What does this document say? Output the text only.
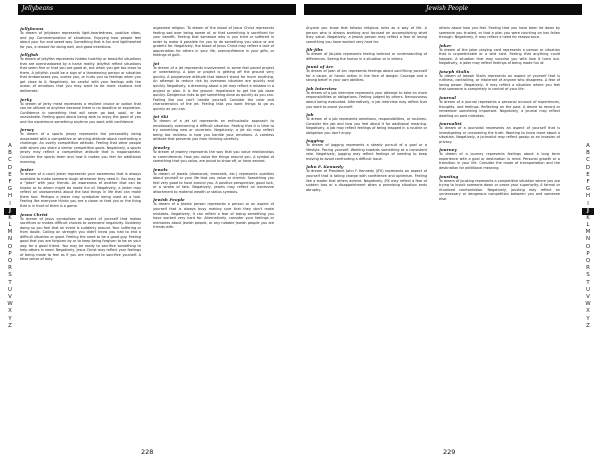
Jellybeans
A
B
C
D
E
F
G
H
I
J
K
L
M
N
O
P
Q
R
S
T
U
V
W
X
Y
Z
Jellybeans
To dream of jellybean represents light-heartedness, positive vibes, and joy. Commemoration of situations. Enjoying how people feel about your fun and sweet way. Something that is fun and lighthearted for you, a reward for doing well, and good intentions.
Jellyfish
To dream of jellyfish represents hidden hostility or beautiful situations that are overshadowed by a harsh reality. Jellyfish reflect situations that seem fine or that you are good at, but when you get too close to them, A jellyfish could be a sign of a threatening person or situation that embarrasses you, scares you, or hurts you so feelings when you get close to it. Negatively, be careful with your feelings with the ocean of emotions that you may want to be more cautious and deliberate.
Jerky
To dream of jerky meat represents a resilient choice or option that can be utilized at anytime because there is no deadline or expiration. Confidence in something that will never go bad, spoil, or be unavailable. Feeling good about being able to enjoy the good of you and the experience something anytime you want with confidence.
Jersey
To dream of a sports jersey represents the personality being associated with a competitive or winning attitude about confronting a challenge. An overly competitive attitude. Feeling that other people with whom you share a similar competitive goals. Negatively, a sports jersey may reflect a competitive attitude that is inappropriate. Consider the sports team and how it makes you feel for additional meaning.
Jester
To dream of a court jester represents your awareness that is always available to make someone laugh whenever they need it. You may be a "joker" with your friends. An awareness of another that can be known or to whom might be made fun of. Negatively, a jester may reflect an unawareness about the bad things in life that can make them fool. Perhaps a jester may symbolize being used as a tool. Feeling like everyone thinks you are a clown or that you or the thing that is in front of them is a game.
Jesus Christ
To dream of Jesus symbolizes an aspect of yourself that makes sacrifices or makes difficult choices to overcome negativity. Suddenly doing so you feel that an event is suddenly around. Your suffering or from doubt. Calling on strength you didn't know you had to end a difficult situation or good. Feeling the need to be a good guy. Feeling good that you are forgiven by or to keep being forgiven to be on your way for a good friend. You may be ready to sacrifice something to help others in need. Negatively, Jesus Christ may reflect your feelings of being made to feel as if you are required to sacrifice yourself. A false sense of duty.
organized religion. To dream of the blood of Jesus Christ represents feeling sad over being aware of, or that something is sacrificed for your benefit. Feeling that someone who is you tried or suffered in order to make it possible for you to do something you value or are grateful for. Negatively, the blood of Jesus Christ may reflect a lack of appreciation for others in your life, overconfidence in your gifts, or feelings of guilt.
Jet
To dream of a jet represents involvement in some fast paced project or undertaking. A plan or project is getting off the ground very quickly. A progressive attitude that doesn't stand for much anything. An attempt to reduce risk by overseas situation are quickly and quickly. Negatively, a dreaming about a jet may reflect a mistake in a project or plan. It is the ground. Impatience to get the job done quickly. Dangerous risks to get something done as quickly as you can. Feeling like you can't handle yourself. Consider the color and characteristics of the jet. Feeling that you want things to go as quickly as you can.
Jet Ski
To dream of a jet ski represents an enthusiastic approach to emotionally overcoming a difficult situation. Feeling that it is time to try something new or uncertain. Negatively, a jet ski may reflect being too reckless in how you handle your emotions. A careless attitude that prevents you from thinking carefully.
Jewelry
To dream of jewelry represents the way that you value relationships or commitments. How you value the things around you. A symbol of something that you value, are proud to show off, or have earned.
Jewels
To dream of jewels (diamonds, emeralds, etc.) represents qualities about yourself or your life that you value or cherish. Something you feel very good to have around you. A positive perspective, good luck, or a stroke of fate. Negatively, jewels may reflect an excessive attachment to material wealth or status symbols.
Jewish People
To dream of a Jewish person represents a person or an aspect of yourself that is always busy making sure that they don't make mistakes. Negatively, it can reflect a fear of losing something you have worked very hard for. Alternatively, consider your feelings or memories about Jewish people, or any notable Jewish people you are friends with.
228
Jewish People
A
B
C
D
E
F
G
H
I
J
K
L
M
N
O
P
Q
R
S
T
U
V
W
X
Y
Z
Anyone you know that follows religious rules as a way of life. A person who is always working and focused on accomplishing what they value. Negatively, a Jewish person may reflect a fear of losing something you have worked very hard for.
Jib-Jibs
To dream of jib-jabs represents feeling tolerant or understanding of differences. Seeing the humor in a situation or in others.
Jaunt of Arc
To dream of Joan of Arc represents feelings about sacrificing yourself for a cause, or heroic action in the face of danger. Courage and a strong belief in your own abilities.
Job Interview
To dream of a job interview represents your attempt to take on more responsibilities or obligations. Feeling judged by others. Nervousness about being evaluated. Alternatively, a job interview may reflect that you want to prove yourself.
Job
To dream of a job represents ambitions, responsibilities, or routines. Consider the job and how you feel about it for additional meaning. Negatively, a job may reflect feelings of being trapped in a routine or obligation you don't enjoy.
Jogging
To dream of jogging represents a steady pursuit of a goal or a lifestyle. Pacing yourself. Working towards something at a consistent rate. Negatively, jogging may reflect feelings of needing to keep moving to avoid confronting a difficult issue.
John F. Kennedy
To dream of President John F. Kennedy (JFK) represents an aspect of yourself that is taking charge with confidence and optimism. Feeling like a leader that others admire. Negatively, JFK may reflect a fear of sudden loss or a disappointment when a promising situation ends abruptly.
others about how you feel. Feeling that you have been let down by someone you trusted, or that a plan you were counting on has fallen through. Negatively, it may reflect a need for reassurance.
Joker
To dream of the joker playing card represents a person or situation that is unpredictable or a wild card. Feeling that anything could happen. A situation that may surprise you with how it turns out. Negatively, a joker may reflect feelings of being made fun of.
Joseph Stalin
To dream of Joseph Stalin represents an aspect of yourself that is ruthless, controlling, or intolerant of anyone who disagrees. A fear of losing power. Negatively, it may reflect a situation where you feel that someone is completely in control of your life.
Journal
To dream of a journal represents a personal account of experiences, thoughts, and feelings. Reflecting on the past. A desire to record or remember something important. Negatively, a journal may reflect dwelling on past mistakes.
Journalist
To dream of a journalist represents an aspect of yourself that is investigating or uncovering the truth. Wanting to know more about a situation. Negatively, a journalist may reflect gossip or an invasion of privacy.
Journey
To dream of a journey represents feelings about a long term experience with a goal or destination in mind. Personal growth or a transition in your life. Consider the mode of transportation and the destination for additional meaning.
Jousting
To dream of jousting represents a competitive situation where you are trying to knock someone down or prove your superiority. A formal or ritualized confrontation. Negatively, jousting may reflect an unnecessary or dangerous competition between you and someone else.
229
